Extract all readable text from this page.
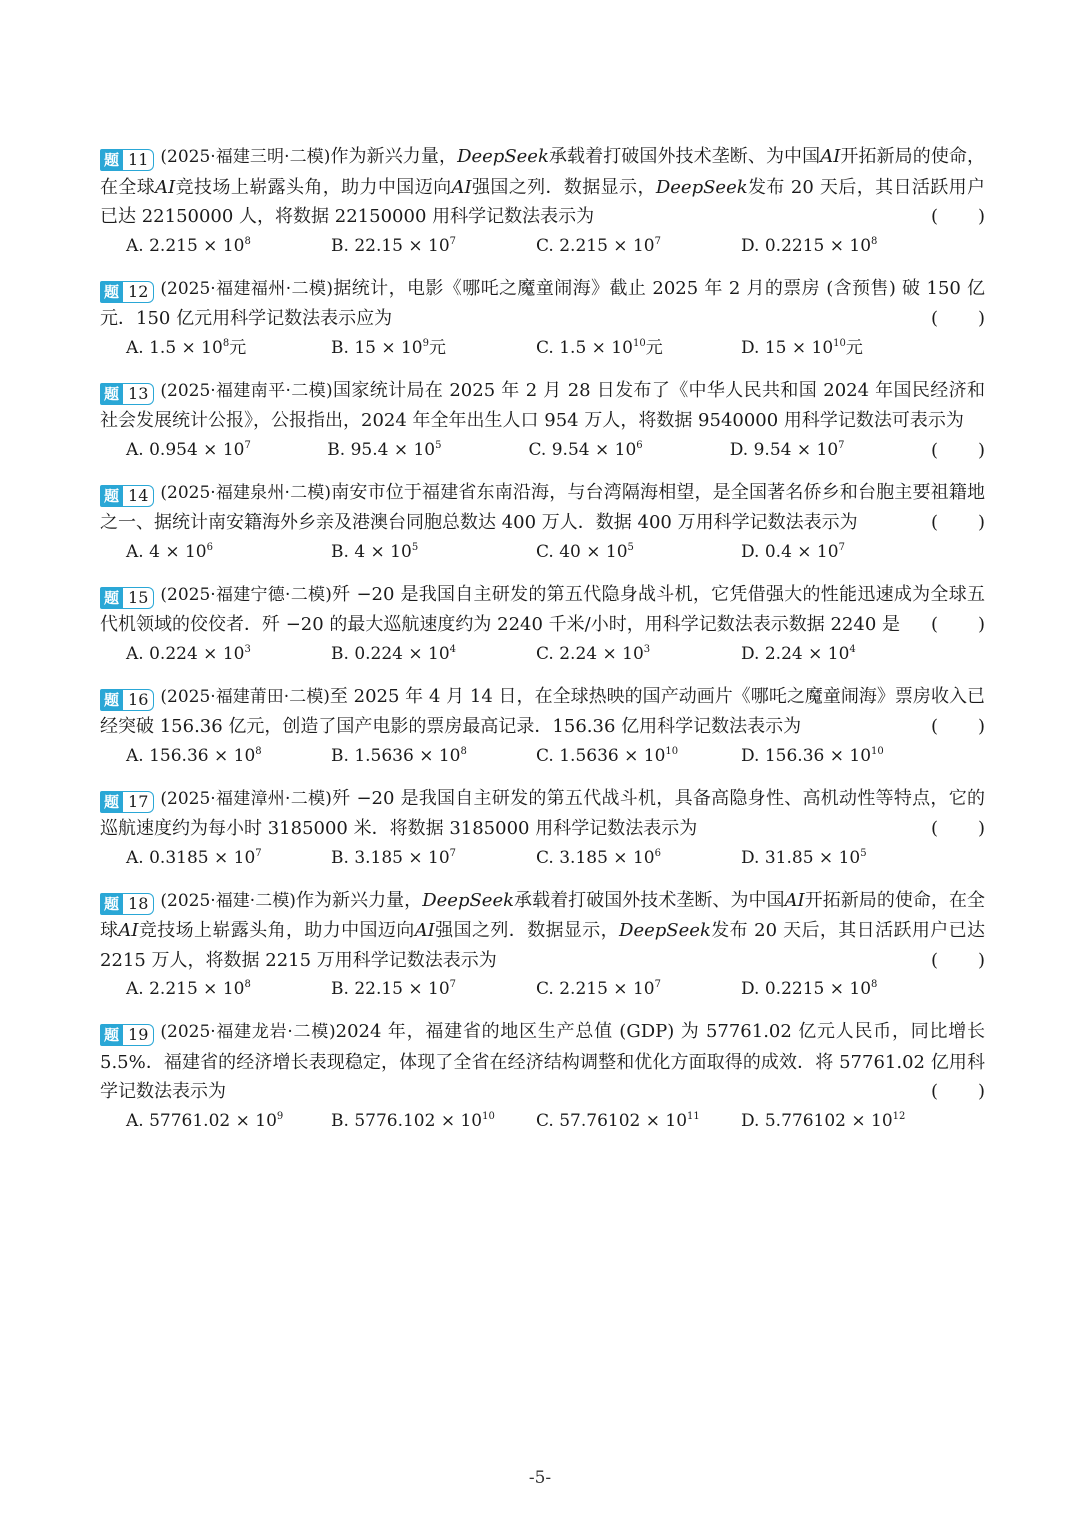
题 11 (2025·福建三明·二模)作为新兴力量，DeepSeek承载着打破国外技术垄断、为中国AI开拓新局的使命，在全球AI竞技场上崭露头角，助力中国迈向AI强国之列．数据显示，DeepSeek发布 20 天后，其日活跃用户已达 22150000 人，将数据 22150000 用科学记数法表示为	( )

A. $2.215 \times 10^8$	B. $22.15 \times 10^7$	C. $2.215 \times 10^7$	D. $0.2215 \times 10^8$

题 12 (2025·福建福州·二模)据统计，电影《哪吒之魔童闹海》截止 2025 年 2 月的票房 (含预售) 破 150 亿元．150 亿元用科学记数法表示应为	( )

A. $1.5 \times 10^8$元	B. $15 \times 10^9$元	C. $1.5 \times 10^{10}$元	D. $15 \times 10^{10}$元

题 13 (2025·福建南平·二模)国家统计局在 2025 年 2 月 28 日发布了《中华人民共和国 2024 年国民经济和社会发展统计公报》，公报指出，2024 年全年出生人口 954 万人，将数据 9540000 用科学记数法可表示为
( )

A. $0.954 \times 10^7$	B. $95.4 \times 10^5$	C. $9.54 \times 10^6$	D. $9.54 \times 10^7$

题 14 (2025·福建泉州·二模)南安市位于福建省东南沿海，与台湾隔海相望，是全国著名侨乡和台胞主要祖籍地之一、据统计南安籍海外乡亲及港澳台同胞总数达 400 万人．数据 400 万用科学记数法表示为	( )

A. $4 \times 10^6$	B. $4 \times 10^5$	C. $40 \times 10^5$	D. $0.4 \times 10^7$

题 15 (2025·福建宁德·二模)歼 −20 是我国自主研发的第五代隐身战斗机，它凭借强大的性能迅速成为全球五代机领域的佼佼者．歼 −20 的最大巡航速度约为 2240 千米/小时，用科学记数法表示数据 2240 是 ( )

A. $0.224 \times 10^3$	B. $0.224 \times 10^4$	C. $2.24 \times 10^3$	D. $2.24 \times 10^4$

题 16 (2025·福建莆田·二模)至 2025 年 4 月 14 日，在全球热映的国产动画片《哪吒之魔童闹海》票房收入已经突破 156.36 亿元，创造了国产电影的票房最高记录．156.36 亿用科学记数法表示为	( )

A. $156.36 \times 10^8$	B. $1.5636 \times 10^8$	C. $1.5636 \times 10^{10}$	D. $156.36 \times 10^{10}$

题 17 (2025·福建漳州·二模)歼 −20 是我国自主研发的第五代战斗机，具备高隐身性、高机动性等特点，它的巡航速度约为每小时 3185000 米．将数据 3185000 用科学记数法表示为	( )

A. $0.3185 \times 10^7$	B. $3.185 \times 10^7$	C. $3.185 \times 10^6$	D. $31.85 \times 10^5$

题 18 (2025·福建·二模)作为新兴力量，DeepSeek承载着打破国外技术垄断、为中国AI开拓新局的使命，在全球AI竞技场上崭露头角，助力中国迈向AI强国之列．数据显示，DeepSeek发布 20 天后，其日活跃用户已达 2215 万人，将数据 2215 万用科学记数法表示为	( )

A. $2.215 \times 10^8$	B. $22.15 \times 10^7$	C. $2.215 \times 10^7$	D. $0.2215 \times 10^8$

题 19 (2025·福建龙岩·二模)2024 年，福建省的地区生产总值 (GDP) 为 57761.02 亿元人民币，同比增长 5.5%．福建省的经济增长表现稳定，体现了全省在经济结构调整和优化方面取得的成效．将 57761.02 亿用科学记数法表示为	( )

A. $57761.02 \times 10^9$	B. $5776.102 \times 10^{10}$	C. $57.76102 \times 10^{11}$	D. $5.776102 \times 10^{12}$
-5-
